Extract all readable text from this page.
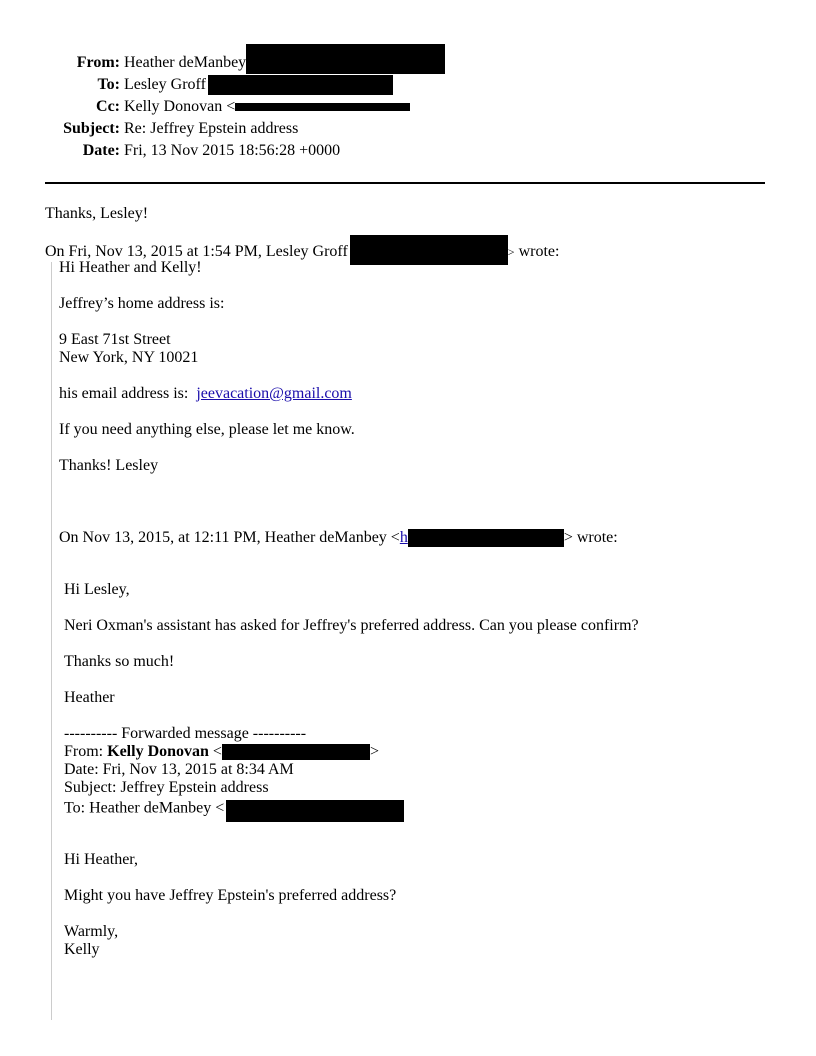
From: Heather deManbey
To: Lesley Groff
Cc: Kelly Donovan <
Subject: Re: Jeffrey Epstein address
Date: Fri, 13 Nov 2015 18:56:28 +0000
Thanks, Lesley!
On Fri, Nov 13, 2015 at 1:54 PM, Lesley Groff	> wrote:
Hi Heather and Kelly!
Jeffrey’s home address is:
9 East 71st Street
New York, NY 10021
his email address is: jeevacation@gmail.com
If you need anything else, please let me know.
Thanks! Lesley
On Nov 13, 2015, at 12:11 PM, Heather deManbey <h	> wrote:
Hi Lesley,
Neri Oxman's assistant has asked for Jeffrey's preferred address. Can you please confirm?
Thanks so much!
Heather
---------- Forwarded message ----------
From: Kelly Donovan <	>
Date: Fri, Nov 13, 2015 at 8:34 AM
Subject: Jeffrey Epstein address
To: Heather deManbey <
Hi Heather,
Might you have Jeffrey Epstein's preferred address?
Warmly,
Kelly
